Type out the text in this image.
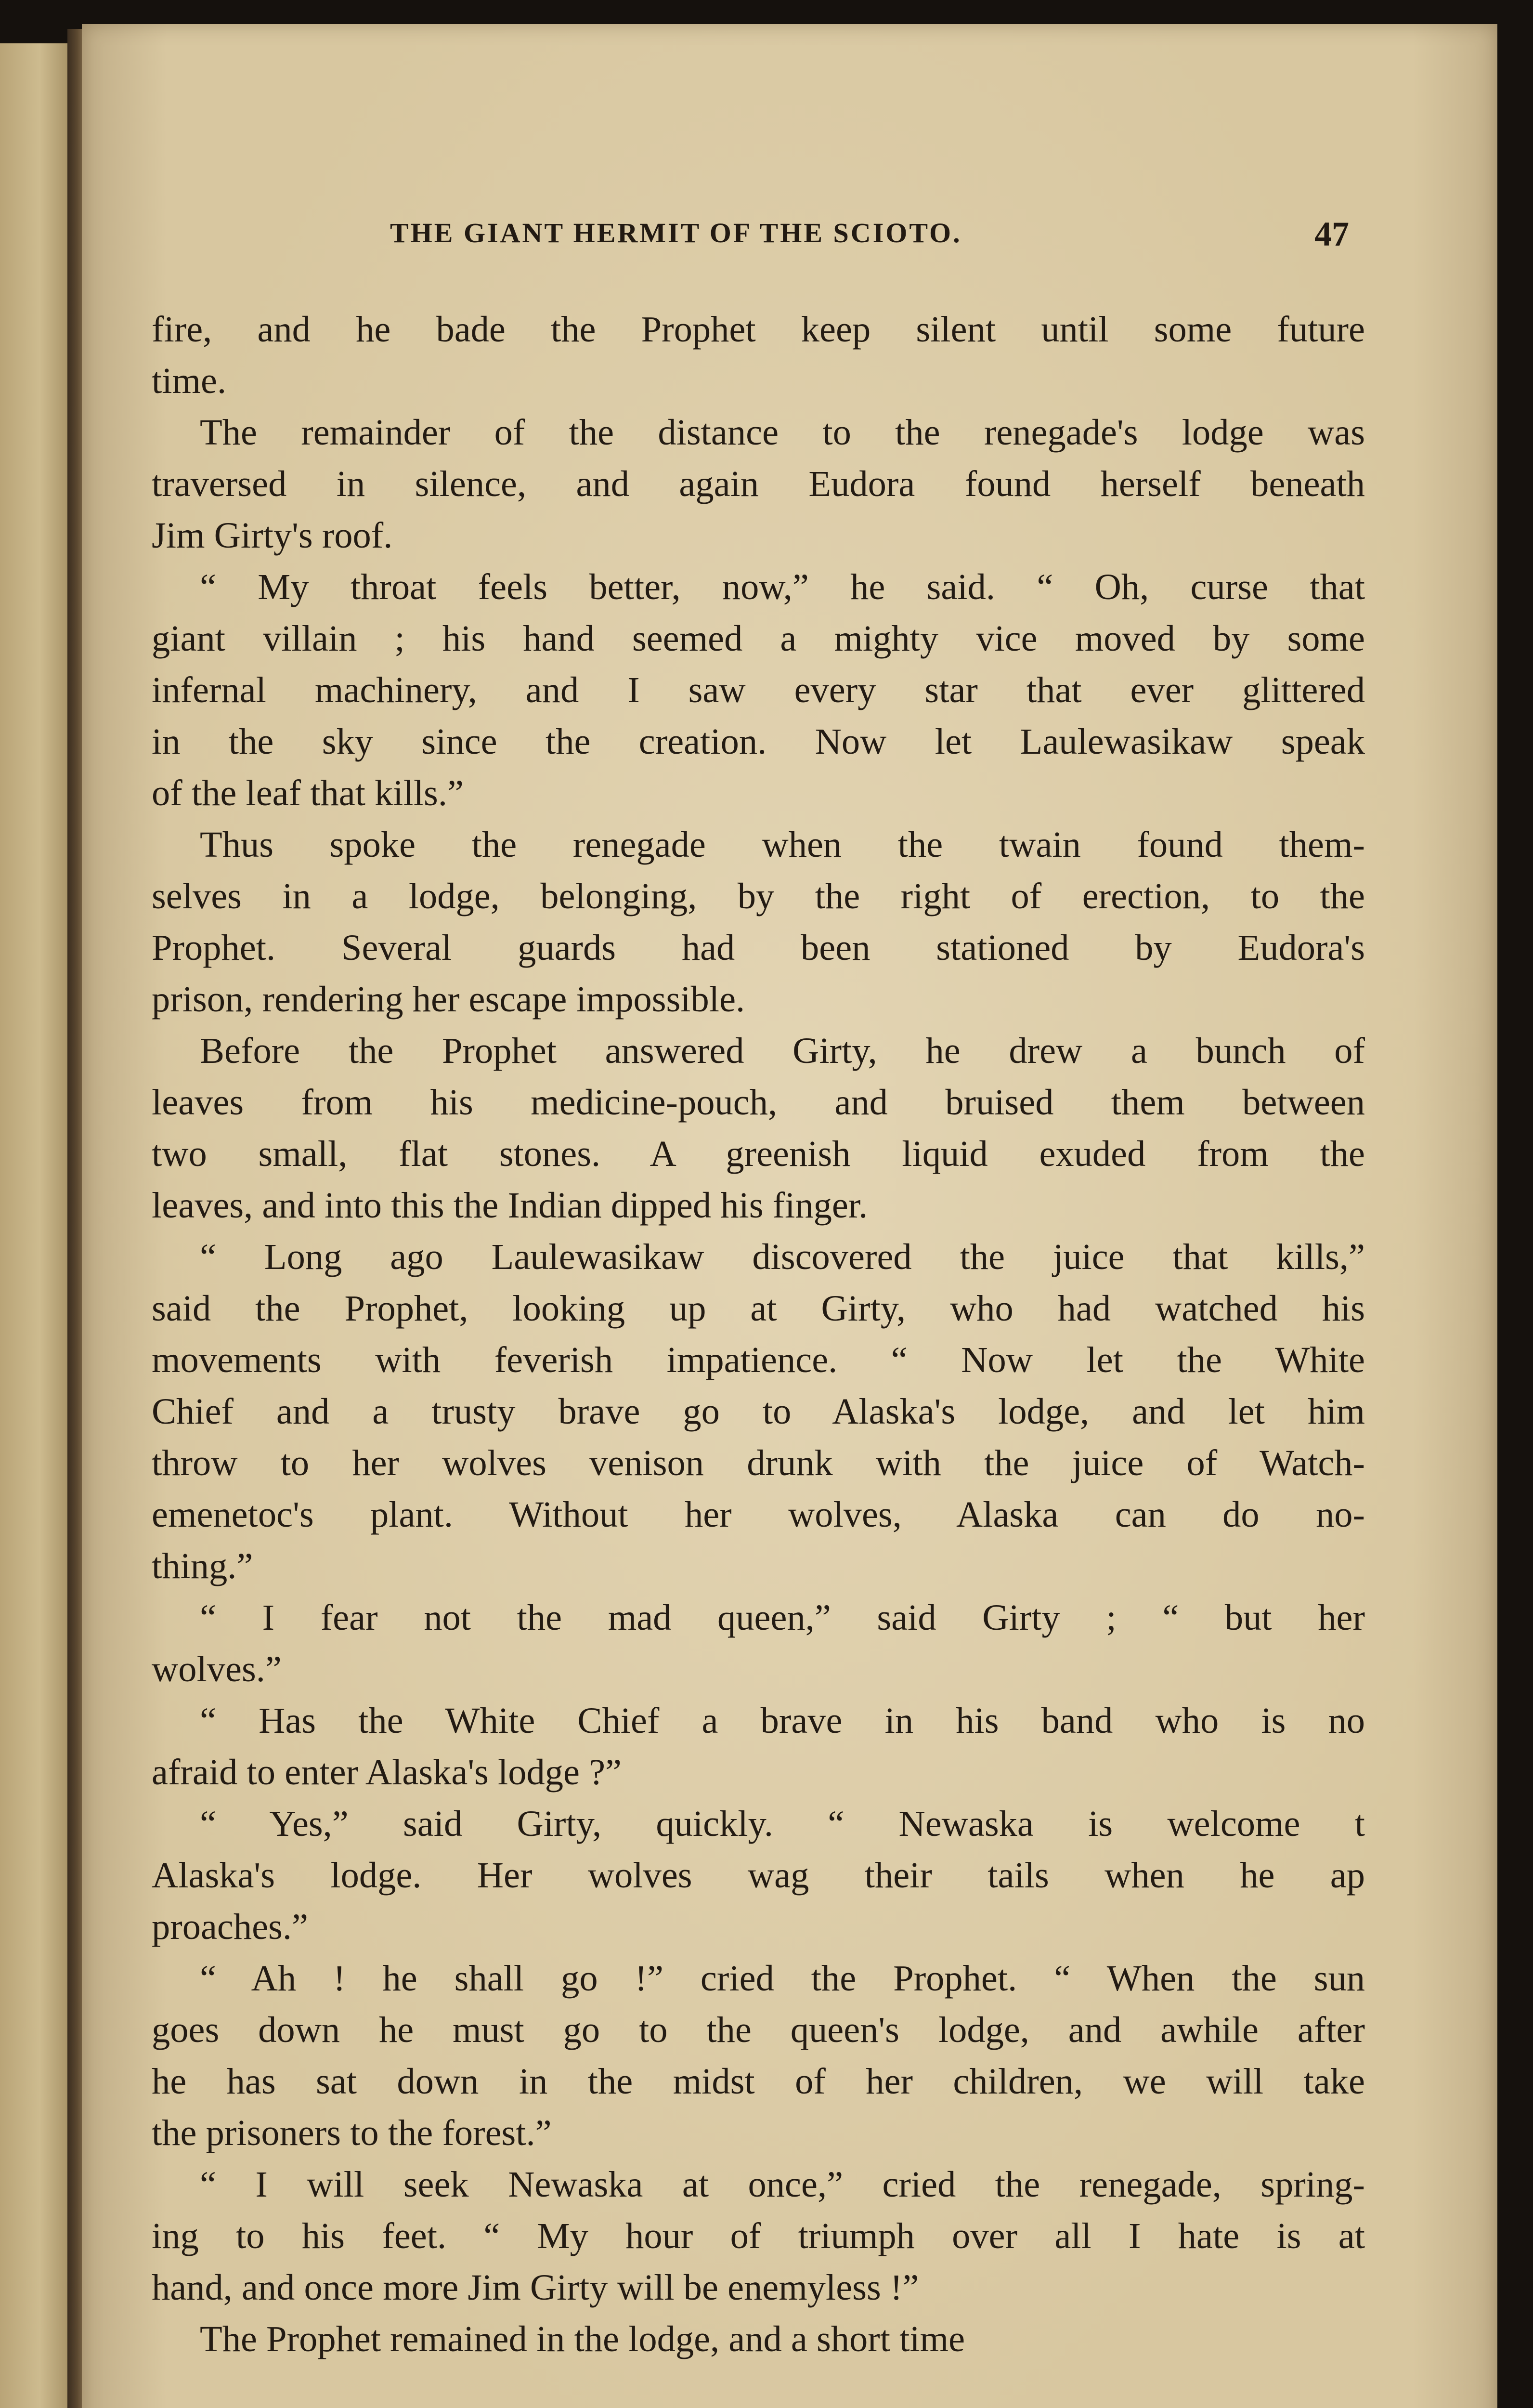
THE GIANT HERMIT OF THE SCIOTO.	47

fire, and he bade the Prophet keep silent until some future
time.

The remainder of the distance to the renegade's lodge was
traversed in silence, and again Eudora found herself beneath
Jim Girty's roof.

“ My throat feels better, now,” he said. “ Oh, curse that
giant villain ; his hand seemed a mighty vice moved by some
infernal machinery, and I saw every star that ever glittered
in the sky since the creation. Now let Laulewasikaw speak
of the leaf that kills.”

Thus spoke the renegade when the twain found them-
selves in a lodge, belonging, by the right of erection, to the
Prophet. Several guards had been stationed by Eudora's
prison, rendering her escape impossible.

Before the Prophet answered Girty, he drew a bunch of
leaves from his medicine-pouch, and bruised them between
two small, flat stones. A greenish liquid exuded from the
leaves, and into this the Indian dipped his finger.

“ Long ago Laulewasikaw discovered the juice that kills,”
said the Prophet, looking up at Girty, who had watched his
movements with feverish impatience. “ Now let the White
Chief and a trusty brave go to Alaska's lodge, and let him
throw to her wolves venison drunk with the juice of Watch-
emenetoc's plant. Without her wolves, Alaska can do no-
thing.”

“ I fear not the mad queen,” said Girty ; “ but her
wolves.”

“ Has the White Chief a brave in his band who is no
afraid to enter Alaska's lodge ?”

“ Yes,” said Girty, quickly. “ Newaska is welcome t
Alaska's lodge. Her wolves wag their tails when he ap
proaches.”

“ Ah ! he shall go !” cried the Prophet. “ When the sun
goes down he must go to the queen's lodge, and awhile after
he has sat down in the midst of her children, we will take
the prisoners to the forest.”

“ I will seek Newaska at once,” cried the renegade, spring-
ing to his feet. “ My hour of triumph over all I hate is at
hand, and once more Jim Girty will be enemyless !”

The Prophet remained in the lodge, and a short time
